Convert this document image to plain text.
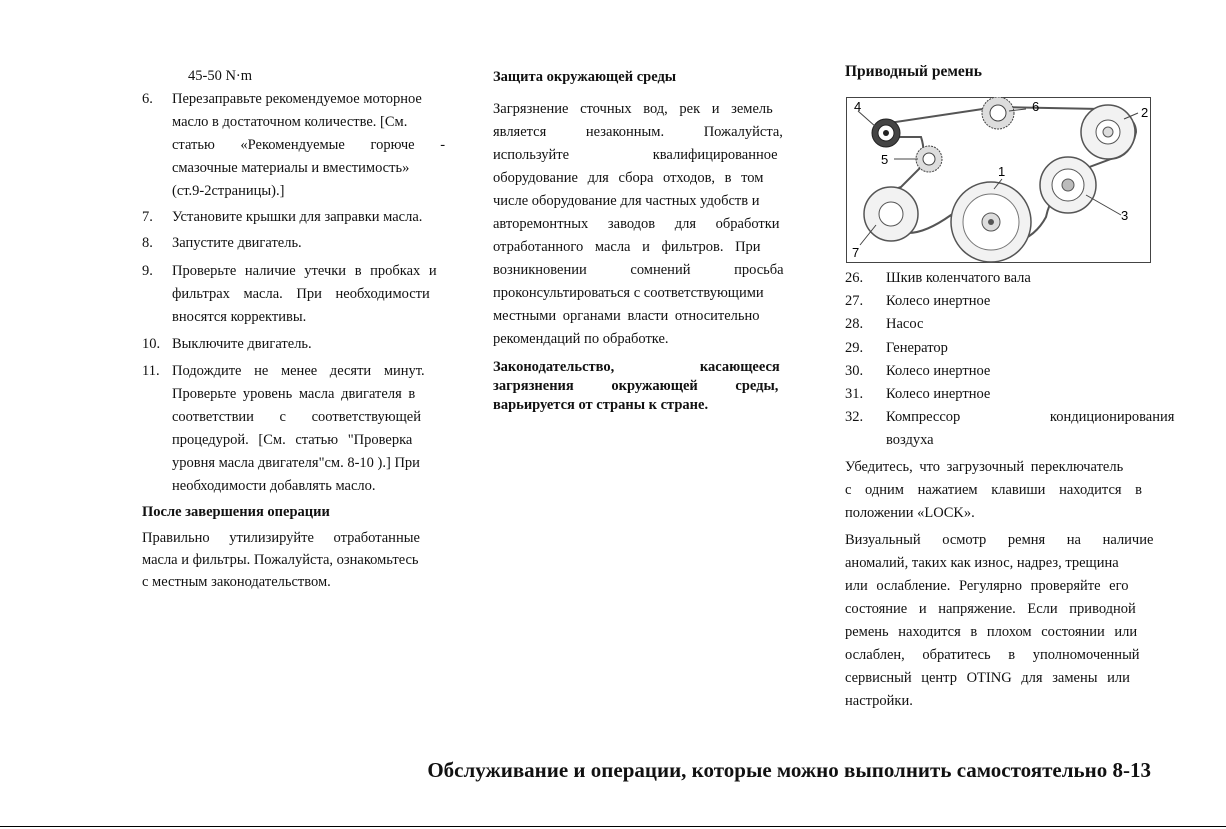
45-50 N·m
6. Перезаправьте рекомендуемое моторное
масло в достаточном количестве. [См.
статью «Рекомендуемые горюче -
смазочные материалы и вместимость»
(ст.9-2страницы).]
7. Установите крышки для заправки масла.
8. Запустите двигатель.
9. Проверьте наличие утечки в пробках и
фильтрах масла. При необходимости
вносятся коррективы.
10. Выключите двигатель.
11. Подождите не менее десяти минут.
Проверьте уровень масла двигателя в
соответствии с соответствующей
процедурой. [См. статью "Проверка
уровня масла двигателя"см. 8-10 ).] При
необходимости добавлять масло.
После завершения операции
Правильно утилизируйте отработанные
масла и фильтры. Пожалуйста, ознакомьтесь
с местным законодательством.
Защита окружающей среды
Загрязнение сточных вод, рек и земель
является незаконным. Пожалуйста,
используйте квалифицированное
оборудование для сбора отходов, в том
числе оборудование для частных удобств и
авторемонтных заводов для обработки
отработанного масла и фильтров. При
возникновении сомнений просьба
проконсультироваться с соответствующими
местными органами власти относительно
рекомендаций по обработке.
Законодательство, касающееся
загрязнения окружающей среды,
варьируется от страны к стране.
Приводный ремень
4	6	2
3
5
1
7
26. Шкив коленчатого вала
27. Колесо инертное
28. Насос
29. Генератор
30. Колесо инертное
31. Колесо инертное
32. Компрессор кондиционирования
воздуха
Убедитесь, что загрузочный переключатель
с одним нажатием клавиши находится в
положении «LOCK».
Визуальный осмотр ремня на наличие
аномалий, таких как износ, надрез, трещина
или ослабление. Регулярно проверяйте его
состояние и напряжение. Если приводной
ремень находится в плохом состоянии или
ослаблен, обратитесь в уполномоченный
сервисный центр OTING для замены или
настройки.
Обслуживание и операции, которые можно выполнить самостоятельно 8-13
